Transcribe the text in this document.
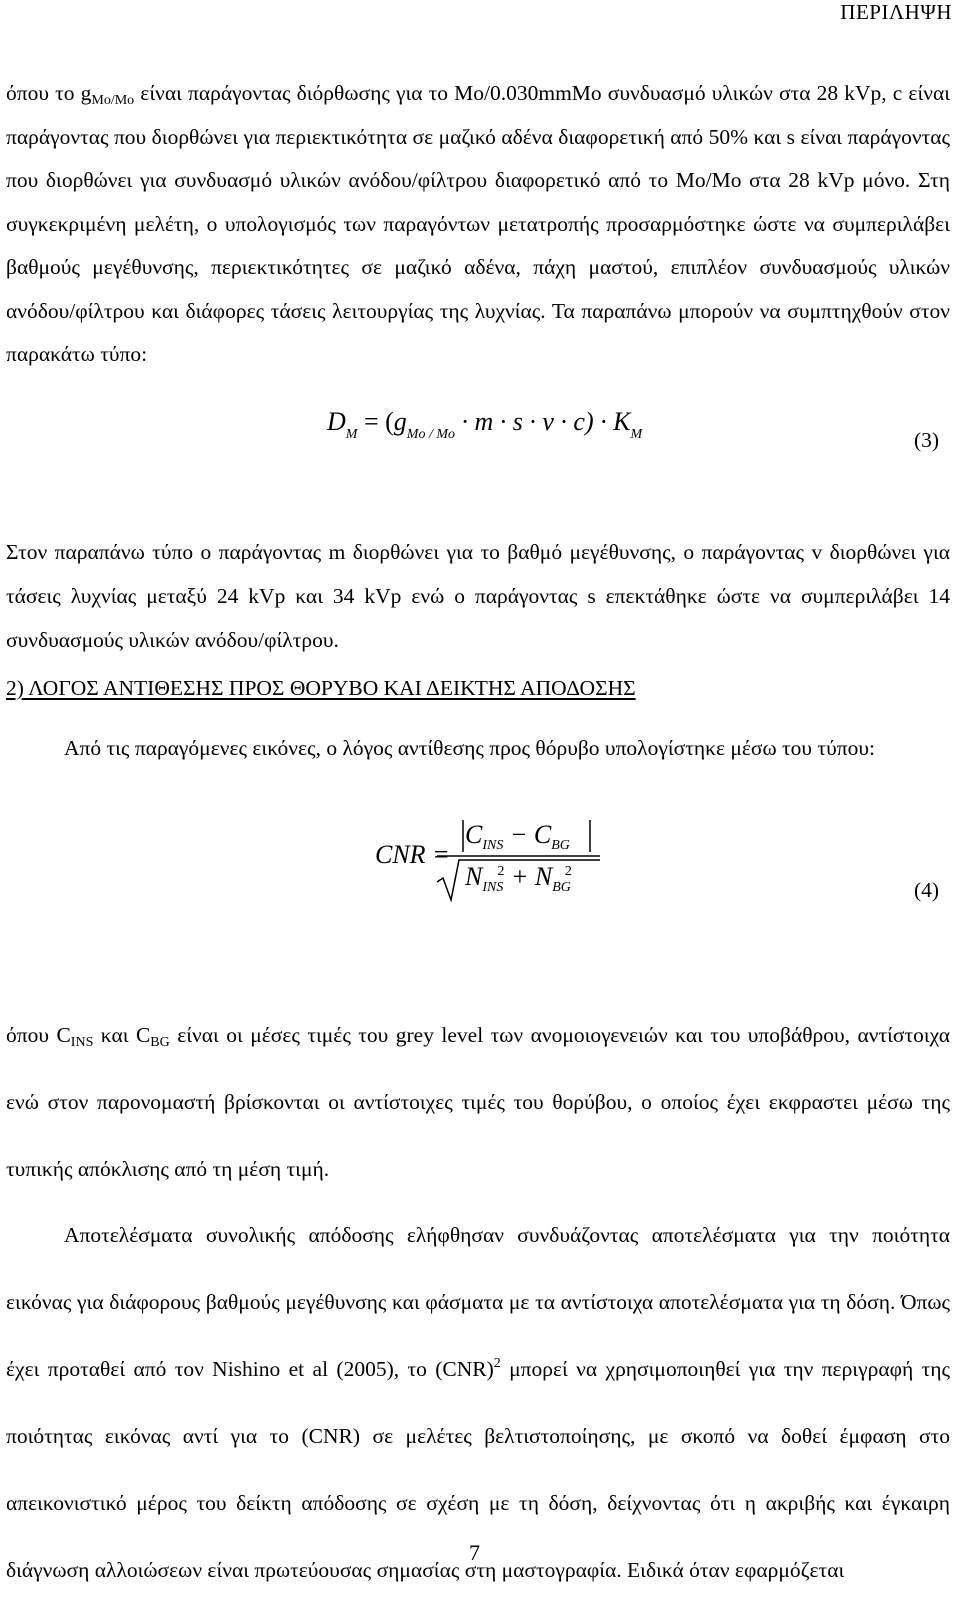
ΠΕΡΙΛΗΨΗ

όπου το $g_{Mo/Mo}$ είναι παράγοντας διόρθωσης για το Mo/0.030mmMo συνδυασμό υλικών στα 28 kVp, c είναι παράγοντας που διορθώνει για περιεκτικότητα σε μαζικό αδένα διαφορετική από 50% και s είναι παράγοντας που διορθώνει για συνδυασμό υλικών ανόδου/φίλτρου διαφορετικό από το Mo/Mo στα 28 kVp μόνο. Στη συγκεκριμένη μελέτη, ο υπολογισμός των παραγόντων μετατροπής προσαρμόστηκε ώστε να συμπεριλάβει βαθμούς μεγέθυνσης, περιεκτικότητες σε μαζικό αδένα, πάχη μαστού, επιπλέον συνδυασμούς υλικών ανόδου/φίλτρου και διάφορες τάσεις λειτουργίας της λυχνίας. Τα παραπάνω μπορούν να συμπτηχθούν στον παρακάτω τύπο:

$D_M = (g_{Mo / Mo} \cdot m \cdot s \cdot v \cdot c) \cdot K_M$	(3)

Στον παραπάνω τύπο ο παράγοντας m διορθώνει για το βαθμό μεγέθυνσης, ο παράγοντας v διορθώνει για τάσεις λυχνίας μεταξύ 24 kVp και 34 kVp ενώ ο παράγοντας s επεκτάθηκε ώστε να συμπεριλάβει 14 συνδυασμούς υλικών ανόδου/φίλτρου.

2) ΛΟΓΟΣ ΑΝΤΙΘΕΣΗΣ ΠΡΟΣ ΘΟΡΥΒΟ ΚΑΙ ΔΕΙΚΤΗΣ ΑΠΟΔΟΣΗΣ

Από τις παραγόμενες εικόνες, ο λόγος αντίθεσης προς θόρυβο υπολογίστηκε μέσω του τύπου:

CNR =
$C_{INS} - C_{BG}$
$N_{INS}^2 + N_{BG}^2$
(4)

όπου $C_{INS}$ και $C_{BG}$ είναι οι μέσες τιμές του grey level των ανομοιογενειών και του υποβάθρου, αντίστοιχα ενώ στον παρονομαστή βρίσκονται οι αντίστοιχες τιμές του θορύβου, ο οποίος έχει εκφραστει μέσω της τυπικής απόκλισης από τη μέση τιμή.

Αποτελέσματα συνολικής απόδοσης ελήφθησαν συνδυάζοντας αποτελέσματα για την ποιότητα εικόνας για διάφορους βαθμούς μεγέθυνσης και φάσματα με τα αντίστοιχα αποτελέσματα για τη δόση. Όπως έχει προταθεί από τον Nishino et al (2005), το (CNR)$^2$ μπορεί να χρησιμοποιηθεί για την περιγραφή της ποιότητας εικόνας αντί για το (CNR) σε μελέτες βελτιστοποίησης, με σκοπό να δοθεί έμφαση στο απεικονιστικό μέρος του δείκτη απόδοσης σε σχέση με τη δόση, δείχνοντας ότι η ακριβής και έγκαιρη διάγνωση αλλοιώσεων είναι πρωτεύουσας σημασίας στη μαστογραφία. Ειδικά όταν εφαρμόζεται

7
